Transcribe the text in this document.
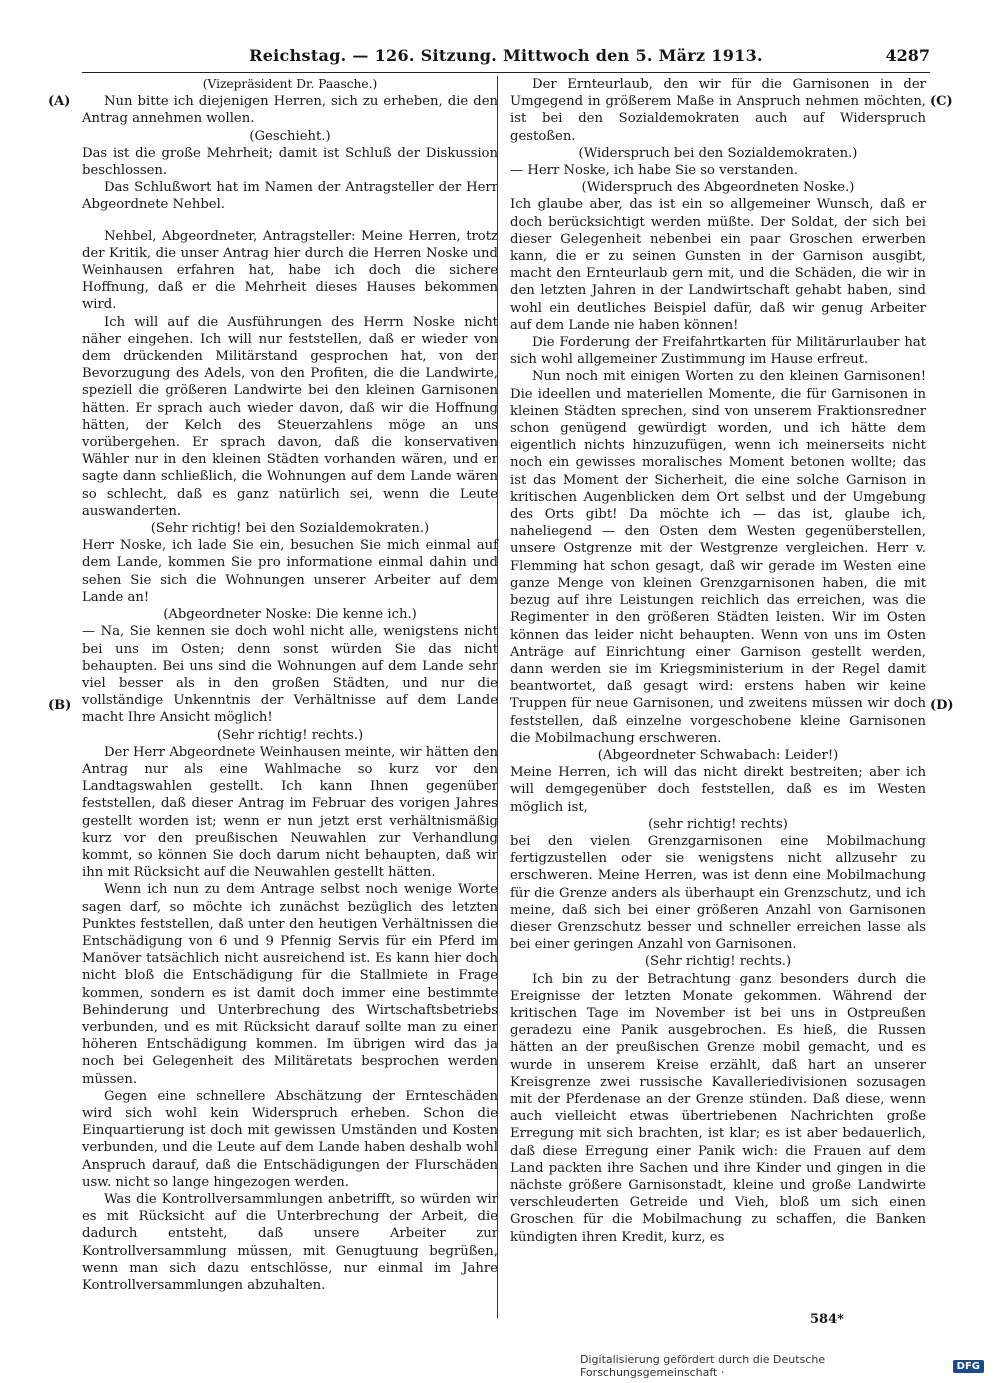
Reichstag. — 126. Sitzung. Mittwoch den 5. März 1913.	4287
(A)
(B)
(C)
(D)

(Vizepräsident Dr. Paasche.)

Nun bitte ich diejenigen Herren, sich zu erheben, die den Antrag annehmen wollen.

(Geschieht.)

Das ist die große Mehrheit; damit ist Schluß der Diskussion beschlossen.

Das Schlußwort hat im Namen der Antragsteller der Herr Abgeordnete Nehbel.

Nehbel, Abgeordneter, Antragsteller: Meine Herren, trotz der Kritik, die unser Antrag hier durch die Herren Noske und Weinhausen erfahren hat, habe ich doch die sichere Hoffnung, daß er die Mehrheit dieses Hauses bekommen wird.

Ich will auf die Ausführungen des Herrn Noske nicht näher eingehen. Ich will nur feststellen, daß er wieder von dem drückenden Militärstand gesprochen hat, von der Bevorzugung des Adels, von den Profiten, die die Landwirte, speziell die größeren Landwirte bei den kleinen Garnisonen hätten. Er sprach auch wieder davon, daß wir die Hoffnung hätten, der Kelch des Steuerzahlens möge an uns vorübergehen. Er sprach davon, daß die konservativen Wähler nur in den kleinen Städten vorhanden wären, und er sagte dann schließlich, die Wohnungen auf dem Lande wären so schlecht, daß es ganz natürlich sei, wenn die Leute auswanderten.

(Sehr richtig! bei den Sozialdemokraten.)

Herr Noske, ich lade Sie ein, besuchen Sie mich einmal auf dem Lande, kommen Sie pro informatione einmal dahin und sehen Sie sich die Wohnungen unserer Arbeiter auf dem Lande an!

(Abgeordneter Noske: Die kenne ich.)

— Na, Sie kennen sie doch wohl nicht alle, wenigstens nicht bei uns im Osten; denn sonst würden Sie das nicht behaupten. Bei uns sind die Wohnungen auf dem Lande sehr viel besser als in den großen Städten, und nur die vollständige Unkenntnis der Verhältnisse auf dem Lande macht Ihre Ansicht möglich!

(Sehr richtig! rechts.)

Der Herr Abgeordnete Weinhausen meinte, wir hätten den Antrag nur als eine Wahlmache so kurz vor den Landtagswahlen gestellt. Ich kann Ihnen gegenüber feststellen, daß dieser Antrag im Februar des vorigen Jahres gestellt worden ist; wenn er nun jetzt erst verhältnismäßig kurz vor den preußischen Neuwahlen zur Verhandlung kommt, so können Sie doch darum nicht behaupten, daß wir ihn mit Rücksicht auf die Neuwahlen gestellt hätten.

Wenn ich nun zu dem Antrage selbst noch wenige Worte sagen darf, so möchte ich zunächst bezüglich des letzten Punktes feststellen, daß unter den heutigen Verhältnissen die Entschädigung von 6 und 9 Pfennig Servis für ein Pferd im Manöver tatsächlich nicht ausreichend ist. Es kann hier doch nicht bloß die Entschädigung für die Stallmiete in Frage kommen, sondern es ist damit doch immer eine bestimmte Behinderung und Unterbrechung des Wirtschaftsbetriebs verbunden, und es mit Rücksicht darauf sollte man zu einer höheren Entschädigung kommen. Im übrigen wird das ja noch bei Gelegenheit des Militäretats besprochen werden müssen.

Gegen eine schnellere Abschätzung der Ernteschäden wird sich wohl kein Widerspruch erheben. Schon die Einquartierung ist doch mit gewissen Umständen und Kosten verbunden, und die Leute auf dem Lande haben deshalb wohl Anspruch darauf, daß die Entschädigungen der Flurschäden usw. nicht so lange hingezogen werden.

Was die Kontrollversammlungen anbetrifft, so würden wir es mit Rücksicht auf die Unterbrechung der Arbeit, die dadurch entsteht, daß unsere Arbeiter zur Kontrollversammlung müssen, mit Genugtuung begrüßen, wenn man sich dazu entschlösse, nur einmal im Jahre Kontrollversammlungen abzuhalten.

Der Ernteurlaub, den wir für die Garnisonen in der Umgegend in größerem Maße in Anspruch nehmen möchten, ist bei den Sozialdemokraten auch auf Widerspruch gestoßen.

(Widerspruch bei den Sozialdemokraten.)

— Herr Noske, ich habe Sie so verstanden.

(Widerspruch des Abgeordneten Noske.)

Ich glaube aber, das ist ein so allgemeiner Wunsch, daß er doch berücksichtigt werden müßte. Der Soldat, der sich bei dieser Gelegenheit nebenbei ein paar Groschen erwerben kann, die er zu seinen Gunsten in der Garnison ausgibt, macht den Ernteurlaub gern mit, und die Schäden, die wir in den letzten Jahren in der Landwirtschaft gehabt haben, sind wohl ein deutliches Beispiel dafür, daß wir genug Arbeiter auf dem Lande nie haben können!

Die Forderung der Freifahrtkarten für Militärurlauber hat sich wohl allgemeiner Zustimmung im Hause erfreut.

Nun noch mit einigen Worten zu den kleinen Garnisonen! Die ideellen und materiellen Momente, die für Garnisonen in kleinen Städten sprechen, sind von unserem Fraktionsredner schon genügend gewürdigt worden, und ich hätte dem eigentlich nichts hinzuzufügen, wenn ich meinerseits nicht noch ein gewisses moralisches Moment betonen wollte; das ist das Moment der Sicherheit, die eine solche Garnison in kritischen Augenblicken dem Ort selbst und der Umgebung des Orts gibt! Da möchte ich — das ist, glaube ich, naheliegend — den Osten dem Westen gegenüberstellen, unsere Ostgrenze mit der Westgrenze vergleichen. Herr v. Flemming hat schon gesagt, daß wir gerade im Westen eine ganze Menge von kleinen Grenzgarnisonen haben, die mit bezug auf ihre Leistungen reichlich das erreichen, was die Regimenter in den größeren Städten leisten. Wir im Osten können das leider nicht behaupten. Wenn von uns im Osten Anträge auf Einrichtung einer Garnison gestellt werden, dann werden sie im Kriegsministerium in der Regel damit beantwortet, daß gesagt wird: erstens haben wir keine Truppen für neue Garnisonen, und zweitens müssen wir doch feststellen, daß einzelne vorgeschobene kleine Garnisonen die Mobilmachung erschweren.

(Abgeordneter Schwabach: Leider!)

Meine Herren, ich will das nicht direkt bestreiten; aber ich will demgegenüber doch feststellen, daß es im Westen möglich ist,

(sehr richtig! rechts)

bei den vielen Grenzgarnisonen eine Mobilmachung fertigzustellen oder sie wenigstens nicht allzusehr zu erschweren. Meine Herren, was ist denn eine Mobilmachung für die Grenze anders als überhaupt ein Grenzschutz, und ich meine, daß sich bei einer größeren Anzahl von Garnisonen dieser Grenzschutz besser und schneller erreichen lasse als bei einer geringen Anzahl von Garnisonen.

(Sehr richtig! rechts.)

Ich bin zu der Betrachtung ganz besonders durch die Ereignisse der letzten Monate gekommen. Während der kritischen Tage im November ist bei uns in Ostpreußen geradezu eine Panik ausgebrochen. Es hieß, die Russen hätten an der preußischen Grenze mobil gemacht, und es wurde in unserem Kreise erzählt, daß hart an unserer Kreisgrenze zwei russische Kavalleriedivisionen sozusagen mit der Pferdenase an der Grenze stünden. Daß diese, wenn auch vielleicht etwas übertriebenen Nachrichten große Erregung mit sich brachten, ist klar; es ist aber bedauerlich, daß diese Erregung einer Panik wich: die Frauen auf dem Land packten ihre Sachen und ihre Kinder und gingen in die nächste größere Garnisonstadt, kleine und große Landwirte verschleuderten Getreide und Vieh, bloß um sich einen Groschen für die Mobilmachung zu schaffen, die Banken kündigten ihren Kredit, kurz, es

584*
Digitalisierung gefördert durch die Deutsche Forschungsgemeinschaft ·	DFG
